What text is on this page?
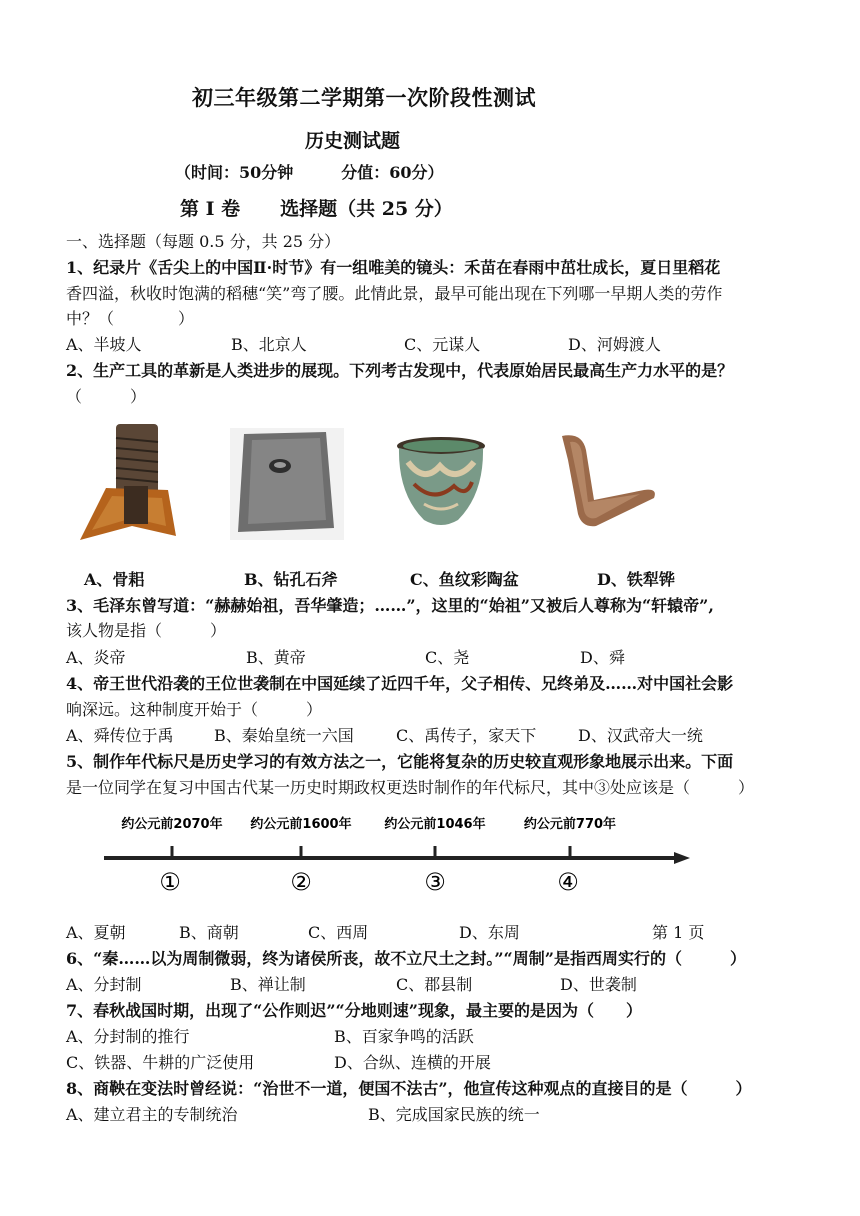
初三年级第二学期第一次阶段性测试
历史测试题
（时间：50分钟	分值：60分）
第 I 卷 选择题（共 25 分）
一、选择题（每题 0.5 分，共 25 分）
1、纪录片《舌尖上的中国Ⅱ·时节》有一组唯美的镜头：禾苗在春雨中茁壮成长，夏日里稻花
香四溢，秋收时饱满的稻穗“笑”弯了腰。此情此景，最早可能出现在下列哪一早期人类的劳作
中？（　　　　）
A、半坡人	B、北京人	C、元谋人	D、河姆渡人
2、生产工具的革新是人类进步的展现。下列考古发现中，代表原始居民最高生产力水平的是？
（　　　）
A、骨耜	B、钻孔石斧	C、鱼纹彩陶盆	D、铁犁铧
3、毛泽东曾写道：“赫赫始祖，吾华肇造；……”，这里的“始祖”又被后人尊称为“轩辕帝”,
该人物是指（　　　）
A、炎帝	B、黄帝	C、尧	D、舜
4、帝王世代沿袭的王位世袭制在中国延续了近四千年，父子相传、兄终弟及……对中国社会影
响深远。这种制度开始于（　　　）
A、舜传位于禹	B、秦始皇统一六国	C、禹传子，家天下	D、汉武帝大一统
5、制作年代标尺是历史学习的有效方法之一，它能将复杂的历史较直观形象地展示出来。下面
是一位同学在复习中国古代某一历史时期政权更迭时制作的年代标尺，其中③处应该是（　　　）
约公元前2070年 约公元前1600年	约公元前1046年	约公元前770年
①	②	③	④
A、夏朝	B、商朝	C、西周	D、东周	第 1 页
6、“秦……以为周制微弱，终为诸侯所丧，故不立尺土之封。”“周制”是指西周实行的（　　　）
A、分封制	B、禅让制	C、郡县制	D、世袭制
7、春秋战国时期，出现了“公作则迟”“分地则速”现象，最主要的是因为（　　）
A、分封制的推行	B、百家争鸣的活跃
C、铁器、牛耕的广泛使用	D、合纵、连横的开展
8、商鞅在变法时曾经说：“治世不一道，便国不法古”，他宣传这种观点的直接目的是（　　　）
A、建立君主的专制统治	B、完成国家民族的统一
